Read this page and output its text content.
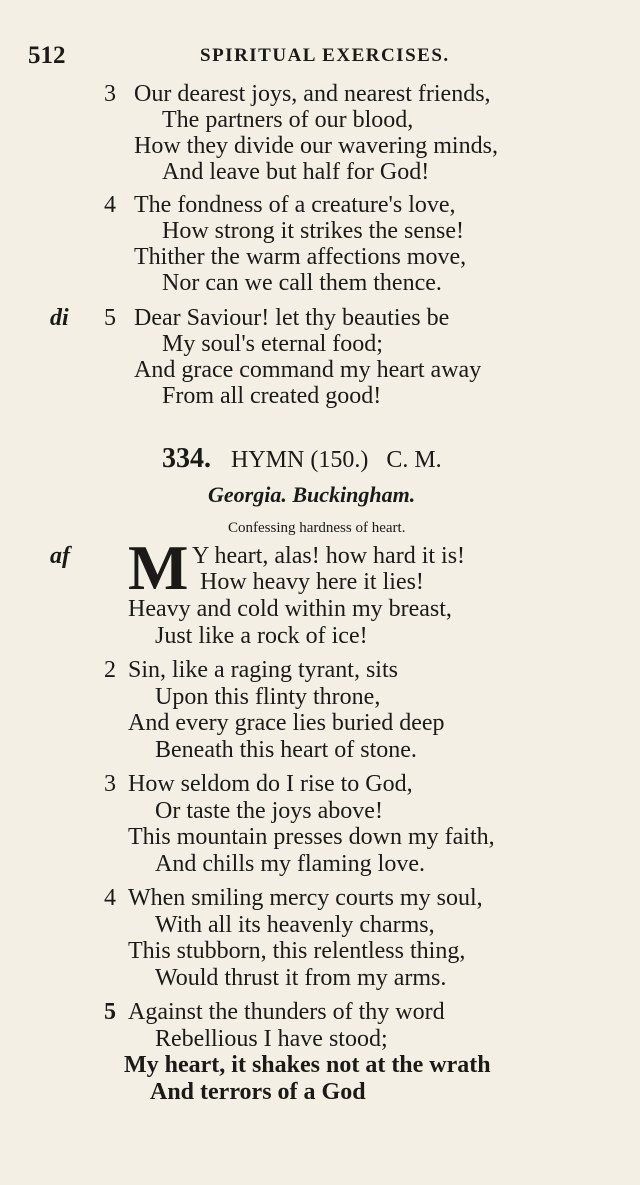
512	SPIRITUAL EXERCISES.
3 Our dearest joys, and nearest friends,
The partners of our blood,
How they divide our wavering minds,
And leave but half for God!
4 The fondness of a creature's love,
How strong it strikes the sense!
Thither the warm affections move,
Nor can we call them thence.
di 5 Dear Saviour! let thy beauties be
My soul's eternal food;
And grace command my heart away
From all created good!
334. HYMN (150.)   C. M.
Georgia. Buckingham.
Confessing hardness of heart.
af M Y heart, alas! how hard it is!
How heavy here it lies!
Heavy and cold within my breast,
Just like a rock of ice!
2 Sin, like a raging tyrant, sits
Upon this flinty throne,
And every grace lies buried deep
Beneath this heart of stone.
3 How seldom do I rise to God,
Or taste the joys above!
This mountain presses down my faith,
And chills my flaming love.
4 When smiling mercy courts my soul,
With all its heavenly charms,
This stubborn, this relentless thing,
Would thrust it from my arms.
5 Against the thunders of thy word
Rebellious I have stood;
My heart, it shakes not at the wrath
And terrors of a God
